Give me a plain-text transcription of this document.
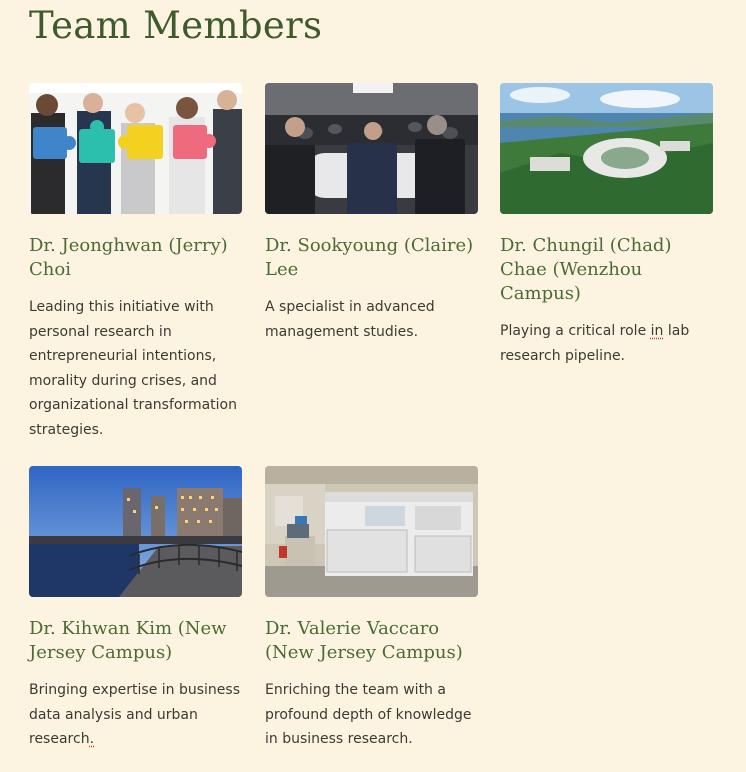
Team Members
Dr. Jeonghwan (Jerry) Choi

Leading this initiative with personal research in entrepreneurial intentions, morality during crises, and organizational transformation strategies.

Dr. Sookyoung (Claire) Lee

A specialist in advanced management studies.

Dr. Chungil (Chad) Chae (Wenzhou Campus)

Playing a critical role in lab research pipeline.

Dr. Kihwan Kim (New Jersey Campus)

Bringing expertise in business data analysis and urban research.

Dr. Valerie Vaccaro (New Jersey Campus)

Enriching the team with a profound depth of knowledge in business research.
